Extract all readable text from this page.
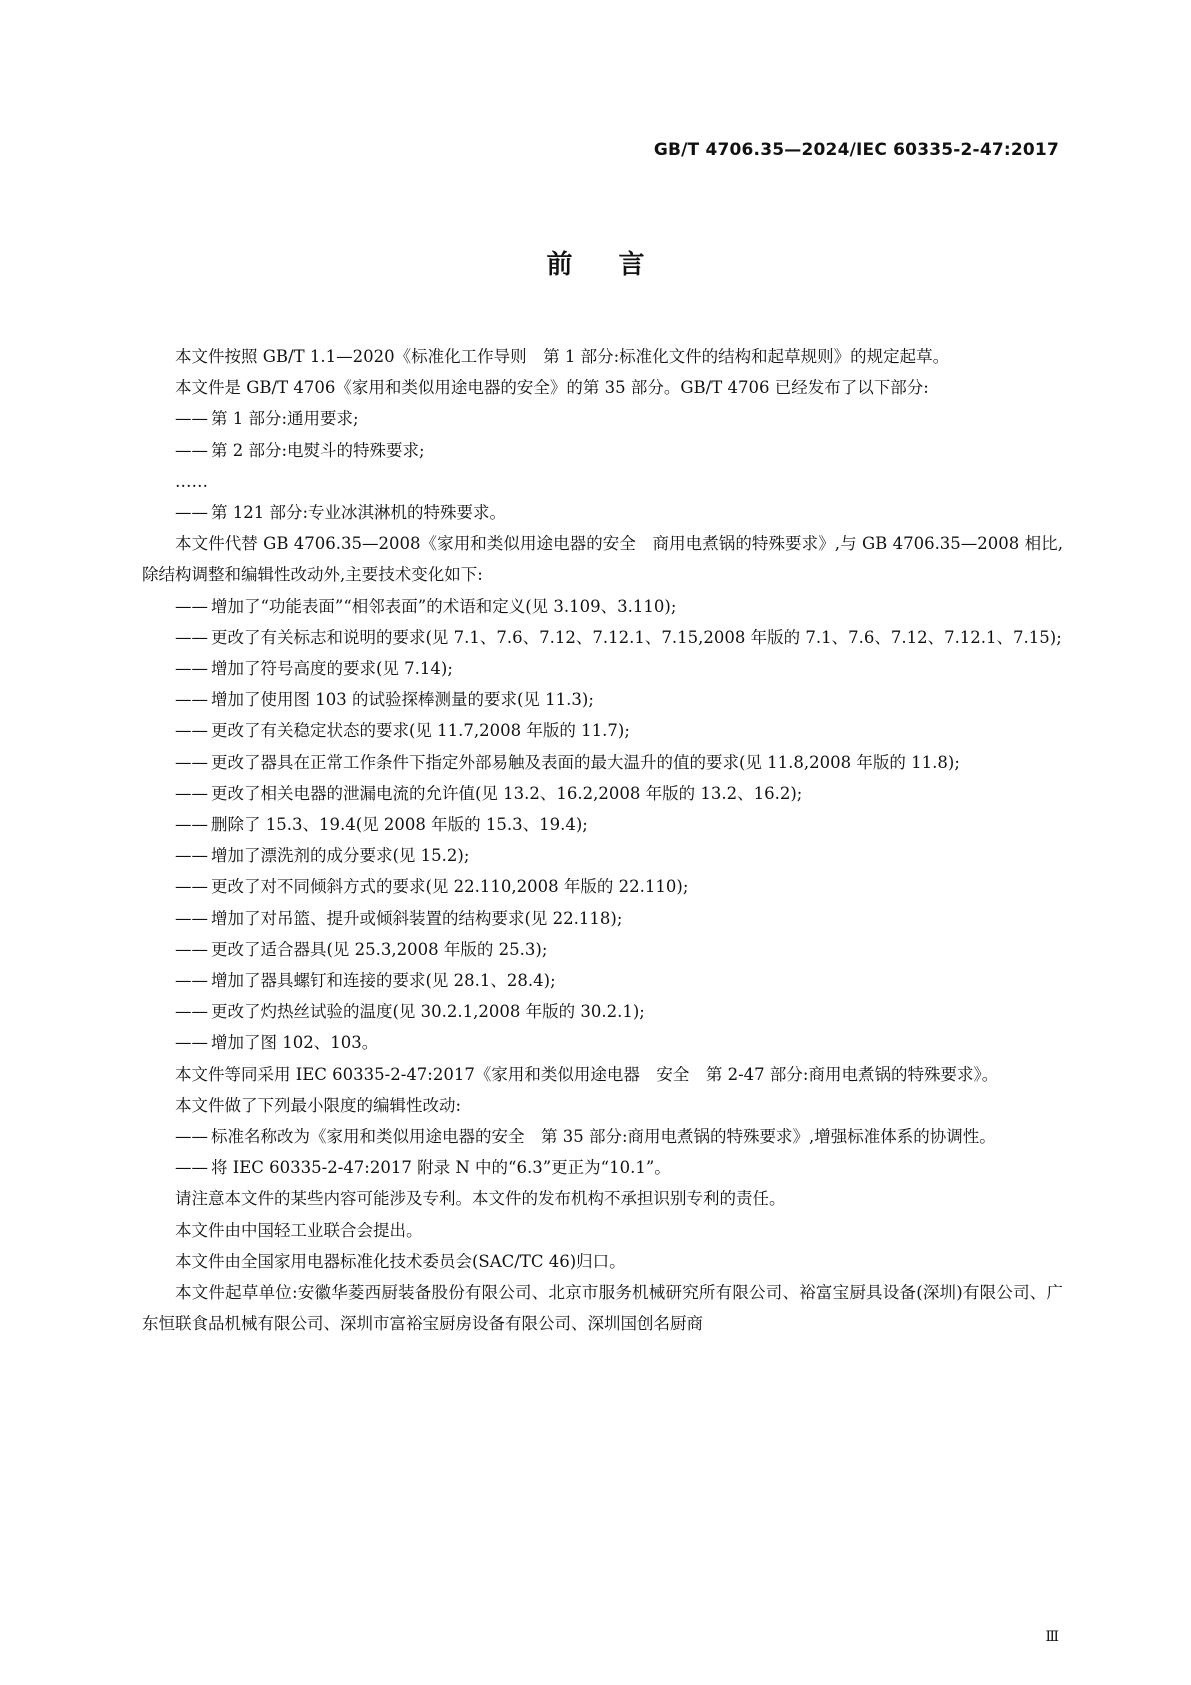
GB/T 4706.35—2024/IEC 60335-2-47:2017
前言

本文件按照 GB/T 1.1—2020《标准化工作导则　第 1 部分:标准化文件的结构和起草规则》的规定起草。

本文件是 GB/T 4706《家用和类似用途电器的安全》的第 35 部分。GB/T 4706 已经发布了以下部分:

—— 第 1 部分:通用要求;

—— 第 2 部分:电熨斗的特殊要求;

……

—— 第 121 部分:专业冰淇淋机的特殊要求。

本文件代替 GB 4706.35—2008《家用和类似用途电器的安全　商用电煮锅的特殊要求》,与 GB 4706.35—2008 相比,除结构调整和编辑性改动外,主要技术变化如下:

—— 增加了“功能表面”“相邻表面”的术语和定义(见 3.109、3.110);

—— 更改了有关标志和说明的要求(见 7.1、7.6、7.12、7.12.1、7.15,2008 年版的 7.1、7.6、7.12、7.12.1、7.15);

—— 增加了符号高度的要求(见 7.14);

—— 增加了使用图 103 的试验探棒测量的要求(见 11.3);

—— 更改了有关稳定状态的要求(见 11.7,2008 年版的 11.7);

—— 更改了器具在正常工作条件下指定外部易触及表面的最大温升的值的要求(见 11.8,2008 年版的 11.8);

—— 更改了相关电器的泄漏电流的允许值(见 13.2、16.2,2008 年版的 13.2、16.2);

—— 删除了 15.3、19.4(见 2008 年版的 15.3、19.4);

—— 增加了漂洗剂的成分要求(见 15.2);

—— 更改了对不同倾斜方式的要求(见 22.110,2008 年版的 22.110);

—— 增加了对吊篮、提升或倾斜装置的结构要求(见 22.118);

—— 更改了适合器具(见 25.3,2008 年版的 25.3);

—— 增加了器具螺钉和连接的要求(见 28.1、28.4);

—— 更改了灼热丝试验的温度(见 30.2.1,2008 年版的 30.2.1);

—— 增加了图 102、103。

本文件等同采用 IEC 60335-2-47:2017《家用和类似用途电器　安全　第 2-47 部分:商用电煮锅的特殊要求》。

本文件做了下列最小限度的编辑性改动:

—— 标准名称改为《家用和类似用途电器的安全　第 35 部分:商用电煮锅的特殊要求》,增强标准体系的协调性。

—— 将 IEC 60335-2-47:2017 附录 N 中的“6.3”更正为“10.1”。

请注意本文件的某些内容可能涉及专利。本文件的发布机构不承担识别专利的责任。

本文件由中国轻工业联合会提出。

本文件由全国家用电器标准化技术委员会(SAC/TC 46)归口。

本文件起草单位:安徽华菱西厨装备股份有限公司、北京市服务机械研究所有限公司、裕富宝厨具设备(深圳)有限公司、广东恒联食品机械有限公司、深圳市富裕宝厨房设备有限公司、深圳国创名厨商

Ⅲ
